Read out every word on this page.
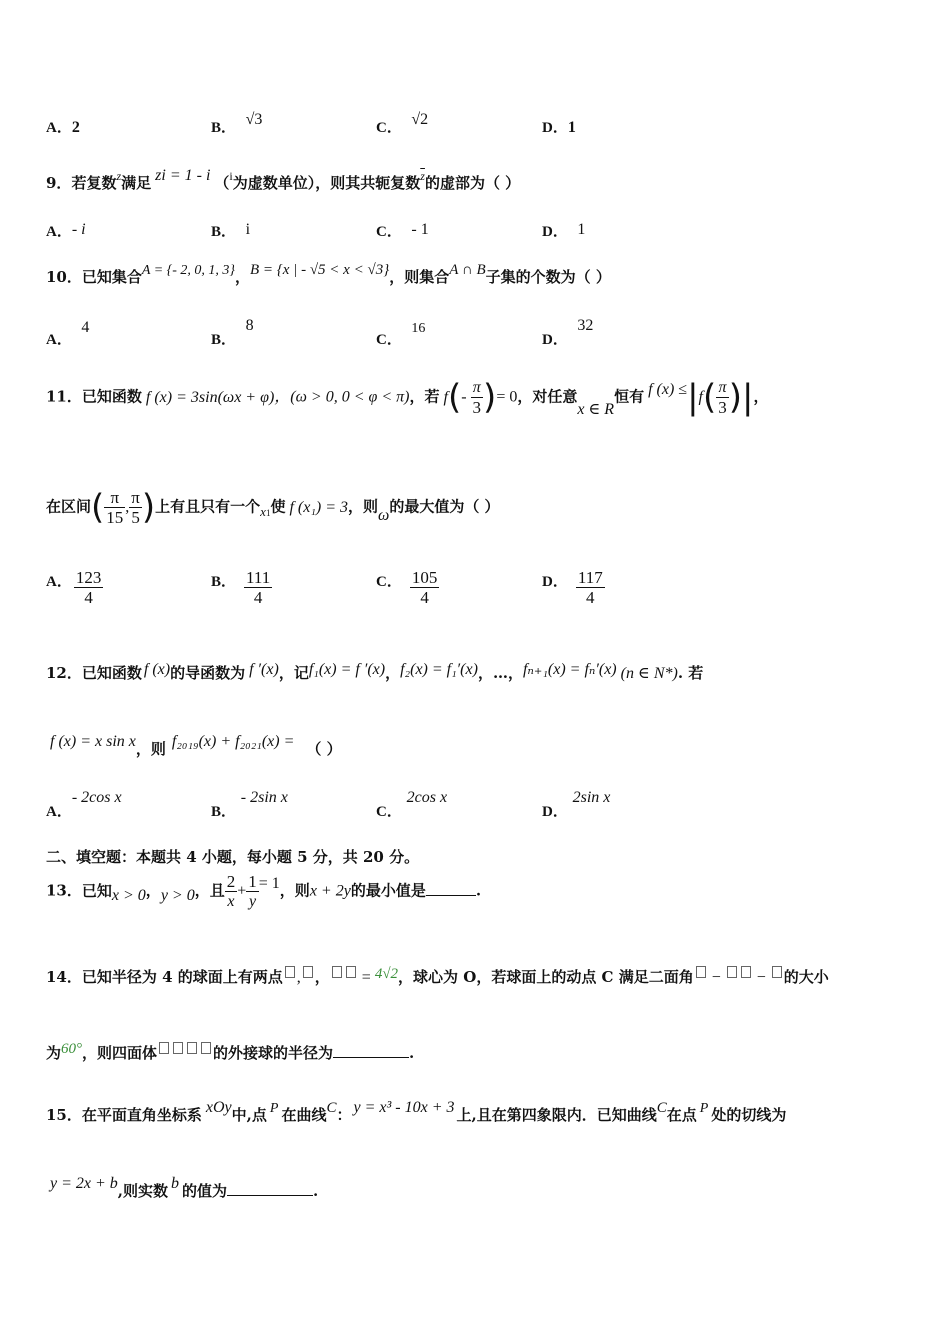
A．2	B． √3	C． √2	D．1
9．若复数$^z$满足 zi = 1 - i （$^i$为虚数单位），则其共轭复数$^{\overline{z}}$的虚部为（ ）
A．- i	B． i	C． - 1	D． 1
10．已知集合A = {- 2, 0, 1, 3}，B = {x | - √5 < x < √3}，则集合A ∩ B子集的个数为（ ）
A．  4
B．  8
C．  16
D．  32
11．已知函数 f (x) = 3sin(ωx + φ)，(ω > 0, 0 < φ < π)，若 $f(- \frac{\pi}{3}$ )= 0，对任意x ∈ R恒有 f $(x) \le|f( \frac{\pi}{3}$ )|，
在区间( $\frac{\pi}{15}$ , $\frac{\pi}{5}$ )上有且只有一个$x_1$使 f (x₁) = 3，则ω的最大值为（ ）
A． $\frac{123}{4}$	B． $\frac{111}{4}$	C． $\frac{105}{4}$	D． $\frac{117}{4}$
12．已知函数 f (x)的导函数为 f ′(x)，记f₁(x) = f ′(x)，f₂(x) = f₁′(x)，…，fₙ₊₁(x) = fₙ′(x) (n ∈ N*). 若
f (x) = x sin x，则 f₂₀₁₉(x) + f₂₀₂₁(x) = （ ）
A．- 2cos x
B． - 2sin x
C． 2cos x
D． 2sin x
二、填空题：本题共 4 小题，每小题 5 分，共 20 分。
13．已知x > 0，y > 0，且 $\frac{2}{x} + \frac{1}{y} = 1$，则x + 2y的最小值是	.
14．已知半径为 4 的球面上有两点 , ， = 4√2，球心为 O，若球面上的动点 C 满足二面角 −  − 的大小
为60°，则四面体	的外接球的半径为	.
15．在平面直角坐标系 xOy中,点 P 在曲线C： y = x³ - 10x + 3 上,且在第四象限内．已知曲线C在点 P 处的切线为
y = 2x + b,则实数 b 的值为	.
